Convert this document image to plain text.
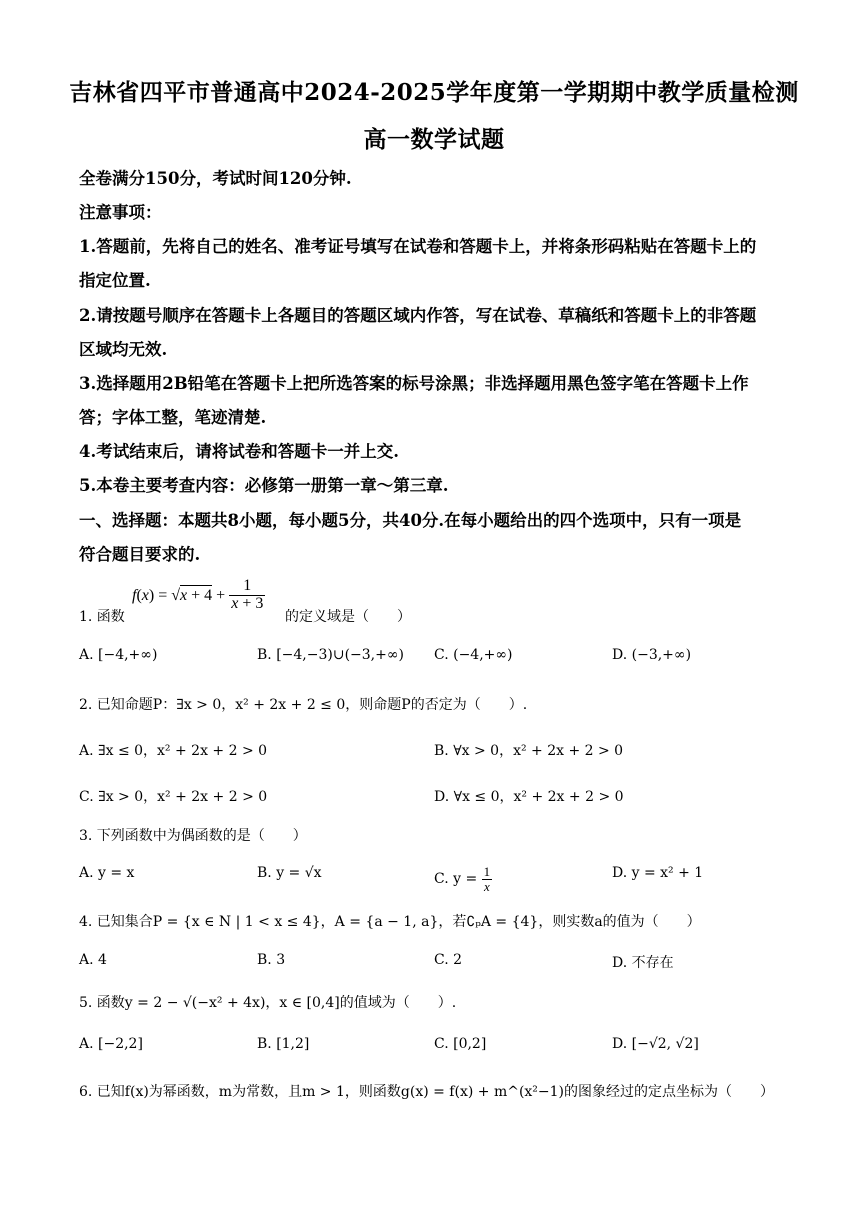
吉林省四平市普通高中2024-2025学年度第一学期期中教学质量检测
高一数学试题
全卷满分150分，考试时间120分钟.
注意事项：
1.答题前，先将自己的姓名、准考证号填写在试卷和答题卡上，并将条形码粘贴在答题卡上的
指定位置.
2.请按题号顺序在答题卡上各题目的答题区域内作答，写在试卷、草稿纸和答题卡上的非答题
区域均无效.
3.选择题用2B铅笔在答题卡上把所选答案的标号涂黑；非选择题用黑色签字笔在答题卡上作
答；字体工整，笔迹清楚.
4.考试结束后，请将试卷和答题卡一并上交.
5.本卷主要考查内容：必修第一册第一章～第三章.
一、选择题：本题共8小题，每小题5分，共40分.在每小题给出的四个选项中，只有一项是
符合题目要求的.
1. 函数
$f(x) = √x + 4 + \frac{1}{x + 3}$
的定义域是（　　）
A. [−4,+∞)	B. [−4,−3)∪(−3,+∞) C. (−4,+∞)	D. (−3,+∞)
2. 已知命题P：∃x > 0，x² + 2x + 2 ≤ 0，则命题P的否定为（　　）.
A. ∃x ≤ 0，x² + 2x + 2 > 0	B. ∀x > 0，x² + 2x + 2 > 0
C. ∃x > 0，x² + 2x + 2 > 0	D. ∀x ≤ 0，x² + 2x + 2 > 0
3. 下列函数中为偶函数的是（　　）
A. y = x	B. y = √x	C. $y = \frac{1}{x}$	D. y = x² + 1
4. 已知集合P = {x ∈ N | 1 < x ≤ 4}，A = {a − 1, a}，若∁ₚA = {4}，则实数a的值为（　　）
A. 4	B. 3	C. 2	D. 不存在
5. 函数y = 2 − √(−x² + 4x)，x ∈ [0,4]的值域为（　　）.
A. [−2,2]	B. [1,2]	C. [0,2]	D. [−√2, √2]
6. 已知f(x)为幂函数，m为常数，且m > 1，则函数g(x) = f(x) + m^(x²−1)的图象经过的定点坐标为（　　）
